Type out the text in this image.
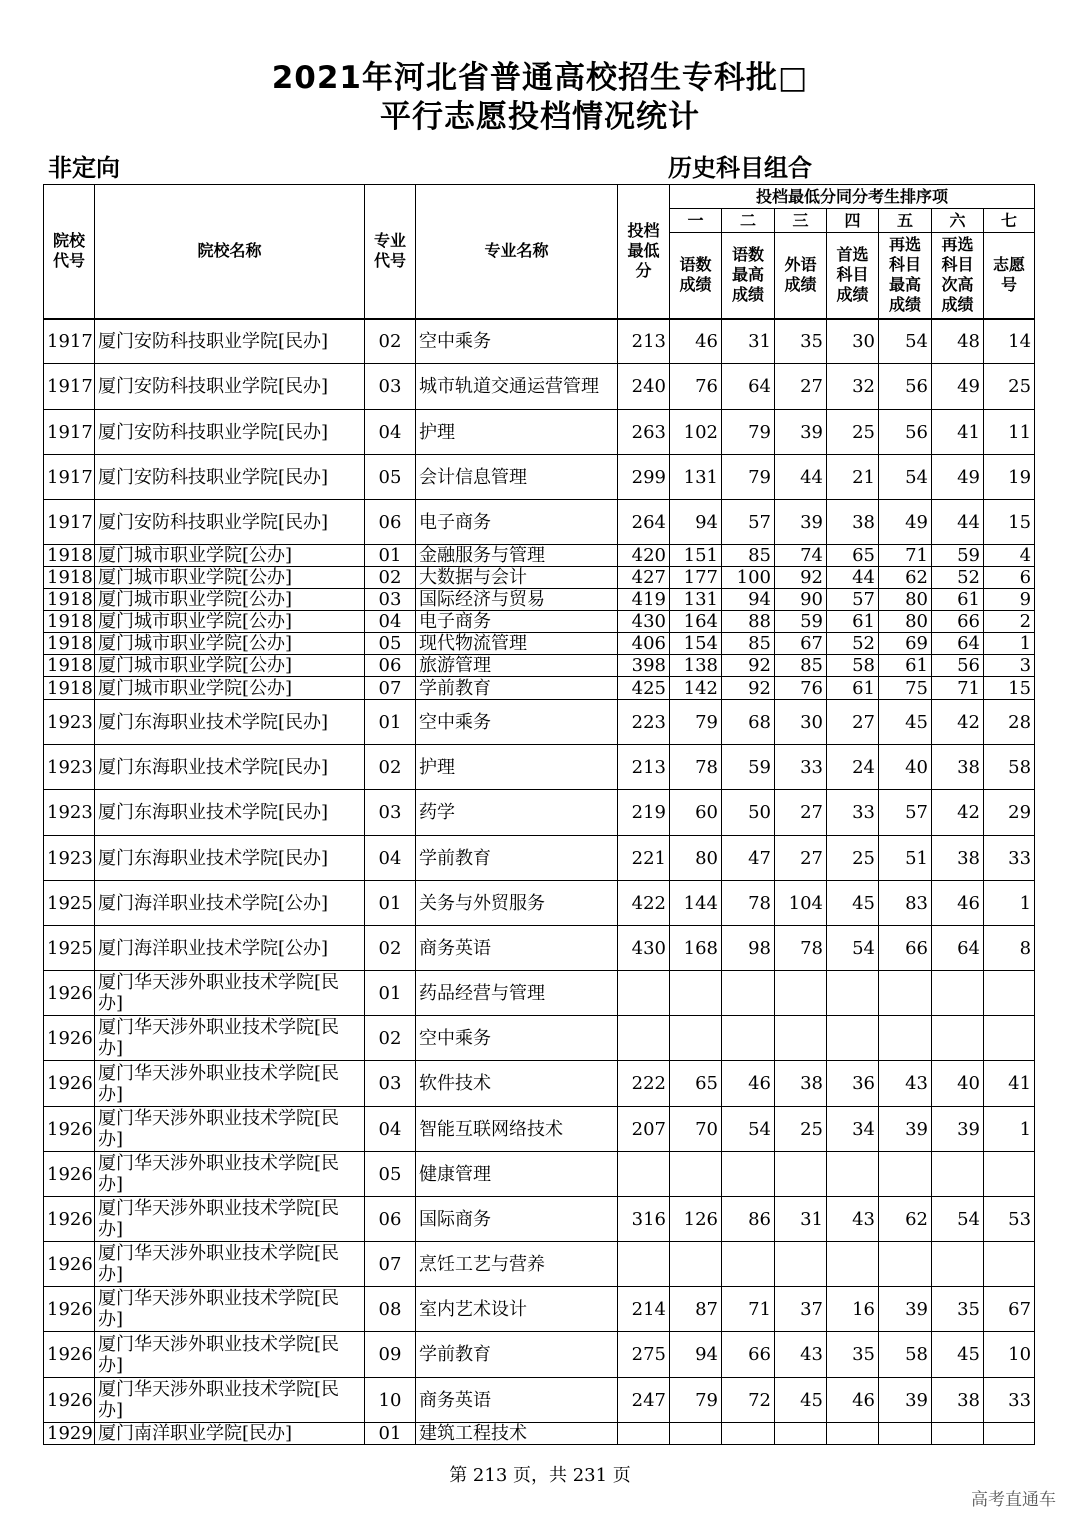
2021年河北省普通高校招生专科批□
平行志愿投档情况统计
非定向	历史科目组合
院校代号	院校名称	专业代号	专业名称	投档最低分	投档最低分同分考生排序项						
					一	二	三	四	五	六	七
					语数成绩	语数最高成绩	外语成绩	首选科目成绩	再选科目最高成绩	再选科目次高成绩	志愿号
1917	厦门安防科技职业学院[民办]	02	空中乘务	213	46	31	35	30	54	48	14
1917	厦门安防科技职业学院[民办]	03	城市轨道交通运营管理	240	76	64	27	32	56	49	25
1917	厦门安防科技职业学院[民办]	04	护理	263	102	79	39	25	56	41	11
1917	厦门安防科技职业学院[民办]	05	会计信息管理	299	131	79	44	21	54	49	19
1917	厦门安防科技职业学院[民办]	06	电子商务	264	94	57	39	38	49	44	15
1918	厦门城市职业学院[公办]	01	金融服务与管理	420	151	85	74	65	71	59	4
1918	厦门城市职业学院[公办]	02	大数据与会计	427	177	100	92	44	62	52	6
1918	厦门城市职业学院[公办]	03	国际经济与贸易	419	131	94	90	57	80	61	9
1918	厦门城市职业学院[公办]	04	电子商务	430	164	88	59	61	80	66	2
1918	厦门城市职业学院[公办]	05	现代物流管理	406	154	85	67	52	69	64	1
1918	厦门城市职业学院[公办]	06	旅游管理	398	138	92	85	58	61	56	3
1918	厦门城市职业学院[公办]	07	学前教育	425	142	92	76	61	75	71	15
1923	厦门东海职业技术学院[民办]	01	空中乘务	223	79	68	30	27	45	42	28
1923	厦门东海职业技术学院[民办]	02	护理	213	78	59	33	24	40	38	58
1923	厦门东海职业技术学院[民办]	03	药学	219	60	50	27	33	57	42	29
1923	厦门东海职业技术学院[民办]	04	学前教育	221	80	47	27	25	51	38	33
1925	厦门海洋职业技术学院[公办]	01	关务与外贸服务	422	144	78	104	45	83	46	1
1925	厦门海洋职业技术学院[公办]	02	商务英语	430	168	98	78	54	66	64	8
1926	厦门华天涉外职业技术学院[民办]	01	药品经营与管理								
1926	厦门华天涉外职业技术学院[民办]	02	空中乘务								
1926	厦门华天涉外职业技术学院[民办]	03	软件技术	222	65	46	38	36	43	40	41
1926	厦门华天涉外职业技术学院[民办]	04	智能互联网络技术	207	70	54	25	34	39	39	1
1926	厦门华天涉外职业技术学院[民办]	05	健康管理								
1926	厦门华天涉外职业技术学院[民办]	06	国际商务	316	126	86	31	43	62	54	53
1926	厦门华天涉外职业技术学院[民办]	07	烹饪工艺与营养								
1926	厦门华天涉外职业技术学院[民办]	08	室内艺术设计	214	87	71	37	16	39	35	67
1926	厦门华天涉外职业技术学院[民办]	09	学前教育	275	94	66	43	35	58	45	10
1926	厦门华天涉外职业技术学院[民办]	10	商务英语	247	79	72	45	46	39	38	33
1929	厦门南洋职业学院[民办]	01	建筑工程技术								
第 213 页，共 231 页
高考直通车
